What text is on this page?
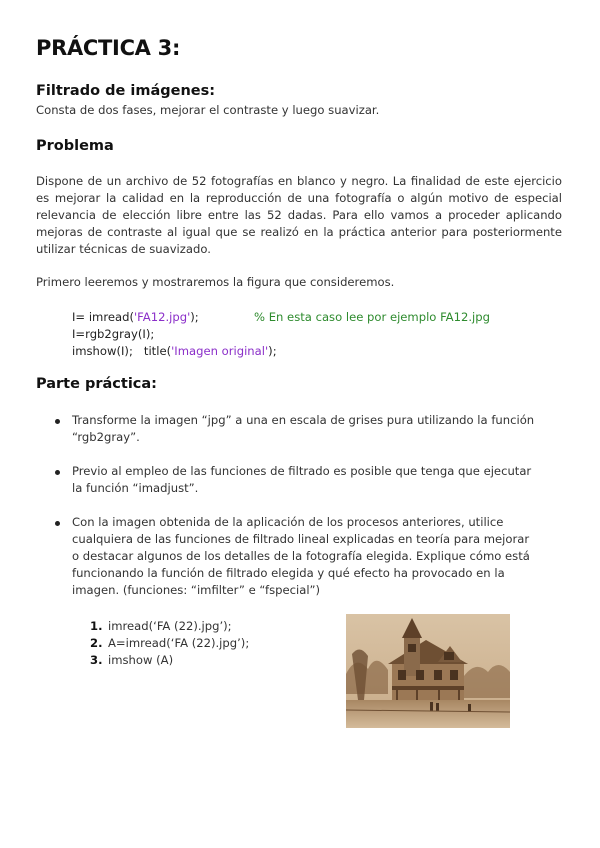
PRÁCTICA 3:
Filtrado de imágenes:
Consta de dos fases, mejorar el contraste y luego suavizar.
Problema
Dispone de un archivo de 52 fotografías en blanco y negro. La finalidad de este ejercicio es mejorar la calidad en la reproducción de una fotografía o algún motivo de especial relevancia de elección libre entre las 52 dadas. Para ello vamos a proceder aplicando mejoras de contraste al igual que se realizó en la práctica anterior para posteriormente utilizar técnicas de suavizado.
Primero leeremos y mostraremos la figura que consideremos.
I= imread('FA12.jpg');	% En esta caso lee por ejemplo FA12.jpg
I=rgb2gray(I);
imshow(I);   title('Imagen original');
Parte práctica:
Transforme la imagen “jpg” a una en escala de grises pura utilizando la función “rgb2gray”.
Previo al empleo de las funciones de filtrado es posible que tenga que ejecutar la función “imadjust”.
Con la imagen obtenida de la aplicación de los procesos anteriores, utilice cualquiera de las funciones de filtrado lineal explicadas en teoría para mejorar o destacar algunos de los detalles de la fotografía elegida. Explique cómo está funcionando la función de filtrado elegida y qué efecto ha provocado en la imagen. (funciones: “imfilter” e “fspecial”)
1. imread(‘FA (22).jpg’);
2. A=imread(‘FA (22).jpg’);
3. imshow (A)
